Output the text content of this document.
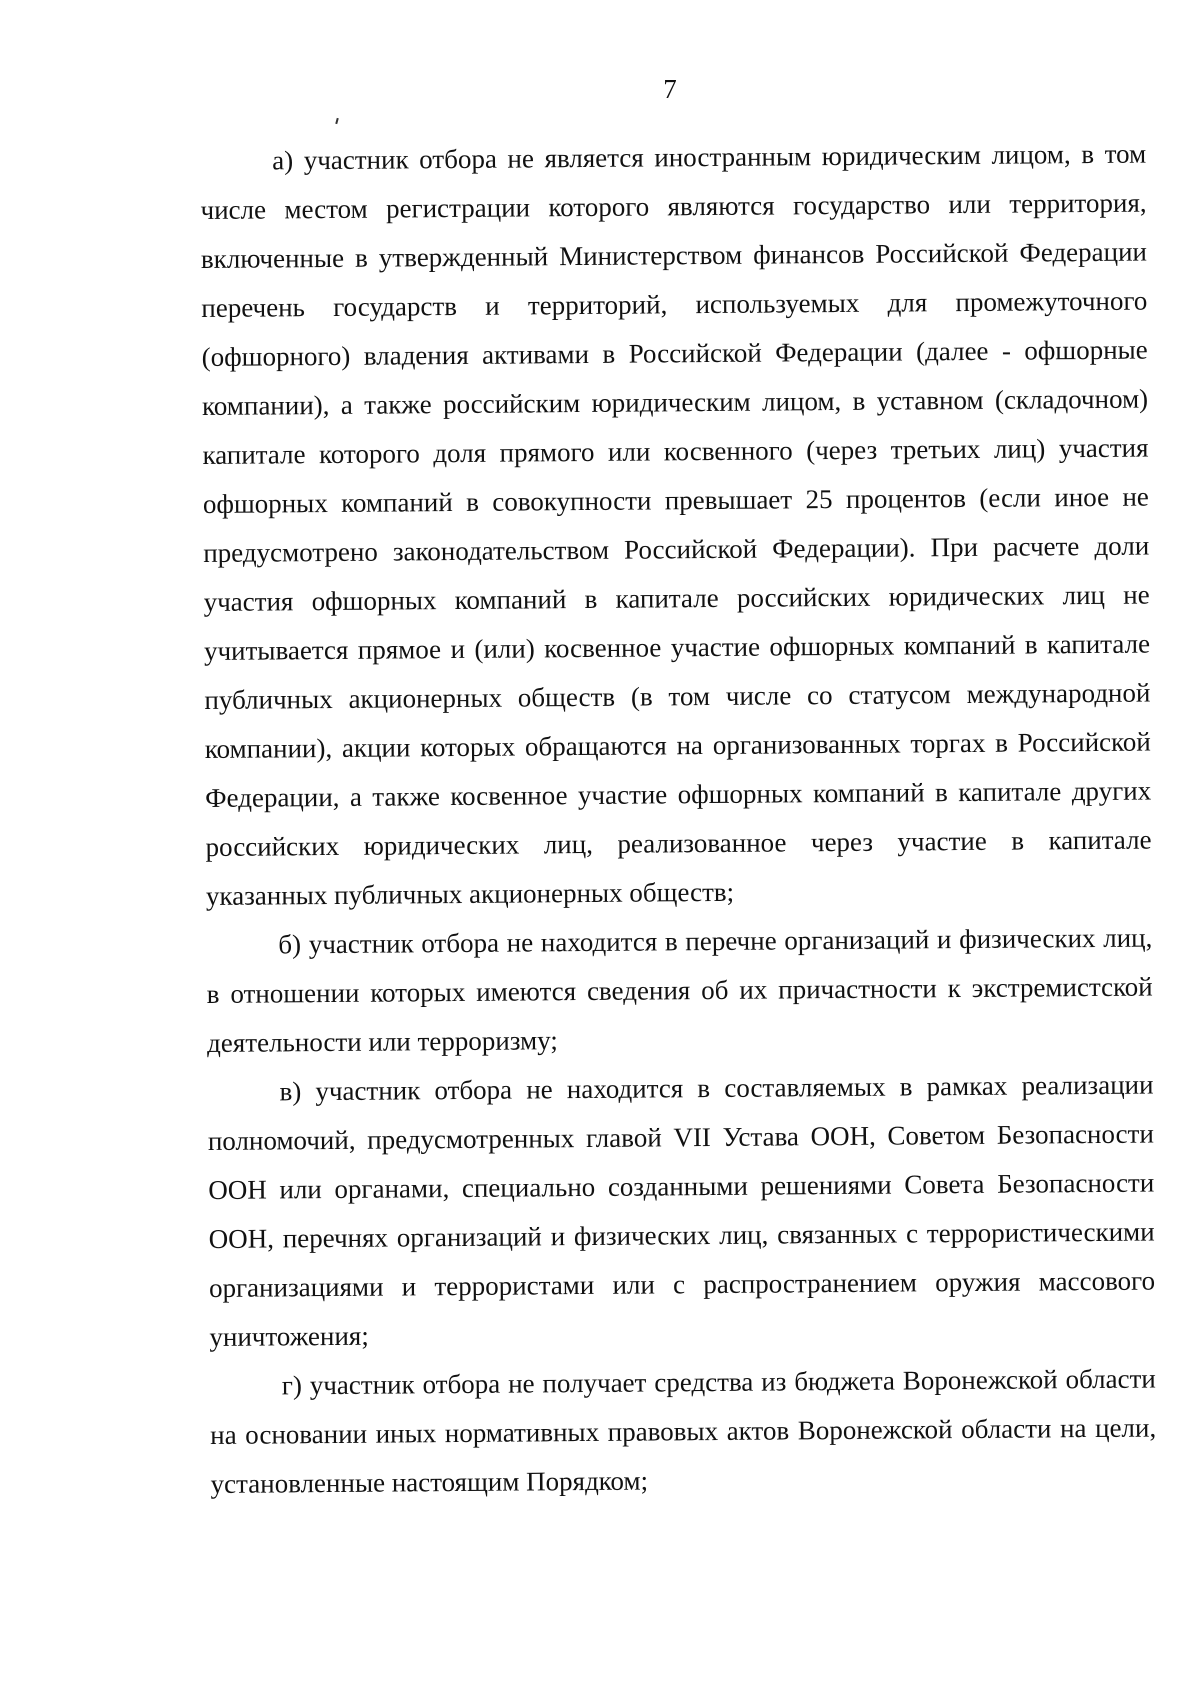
7

а) участник отбора не является иностранным юридическим лицом, в том числе местом регистрации которого являются государство или территория, включенные в утвержденный Министерством финансов Российской Федерации перечень государств и территорий, используемых для промежуточного (офшорного) владения активами в Российской Федерации (далее - офшорные компании), а также российским юридическим лицом, в уставном (складочном) капитале которого доля прямого или косвенного (через третьих лиц) участия офшорных компаний в совокупности превышает 25 процентов (если иное не предусмотрено законодательством Российской Федерации). При расчете доли участия офшорных компаний в капитале российских юридических лиц не учитывается прямое и (или) косвенное участие офшорных компаний в капитале публичных акционерных обществ (в том числе со статусом международной компании), акции которых обращаются на организованных торгах в Российской Федерации, а также косвенное участие офшорных компаний в капитале других российских юридических лиц, реализованное через участие в капитале указанных публичных акционерных обществ;

б) участник отбора не находится в перечне организаций и физических лиц, в отношении которых имеются сведения об их причастности к экстремистской деятельности или терроризму;

в) участник отбора не находится в составляемых в рамках реализации полномочий, предусмотренных главой VII Устава ООН, Советом Безопасности ООН или органами, специально созданными решениями Совета Безопасности ООН, перечнях организаций и физических лиц, связанных с террористическими организациями и террористами или с распространением оружия массового уничтожения;

г) участник отбора не получает средства из бюджета Воронежской области на основании иных нормативных правовых актов Воронежской области на цели, установленные настоящим Порядком;
